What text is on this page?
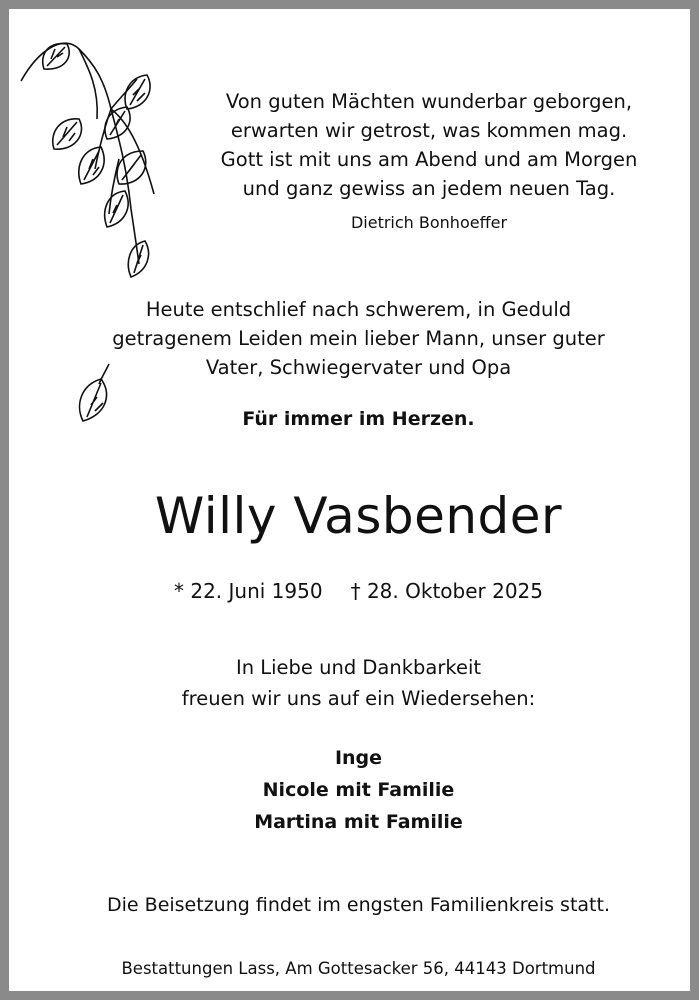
Von guten Mächten wunderbar geborgen,
erwarten wir getrost, was kommen mag.
Gott ist mit uns am Abend und am Morgen
und ganz gewiss an jedem neuen Tag.
Dietrich Bonhoeffer
Heute entschlief nach schwerem, in Geduld
getragenem Leiden mein lieber Mann, unser guter
Vater, Schwiegervater und Opa
Für immer im Herzen.
Willy Vasbender
* 22. Juni 1950 † 28. Oktober 2025
In Liebe und Dankbarkeit
freuen wir uns auf ein Wiedersehen:
Inge
Nicole mit Familie
Martina mit Familie
Die Beisetzung findet im engsten Familienkreis statt.
Bestattungen Lass, Am Gottesacker 56, 44143 Dortmund
